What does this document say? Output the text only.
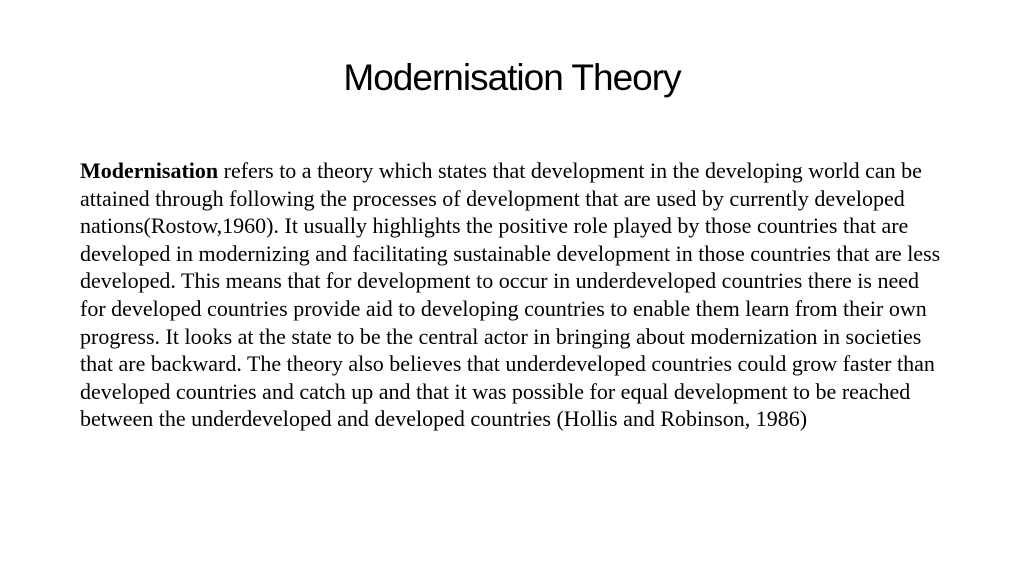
Modernisation Theory

Modernisation refers to a theory which states that development in the developing world can be attained through following the processes of development that are used by currently developed nations(Rostow,1960). It usually highlights the positive role played by those countries that are developed in modernizing and facilitating sustainable development in those countries that are less developed. This means that for development to occur in underdeveloped countries there is need for developed countries provide aid to developing countries to enable them learn from their own progress. It looks at the state to be the central actor in bringing about modernization in societies that are backward. The theory also believes that underdeveloped countries could grow faster than developed countries and catch up and that it was possible for equal development to be reached between the underdeveloped and developed countries (Hollis and Robinson, 1986)
